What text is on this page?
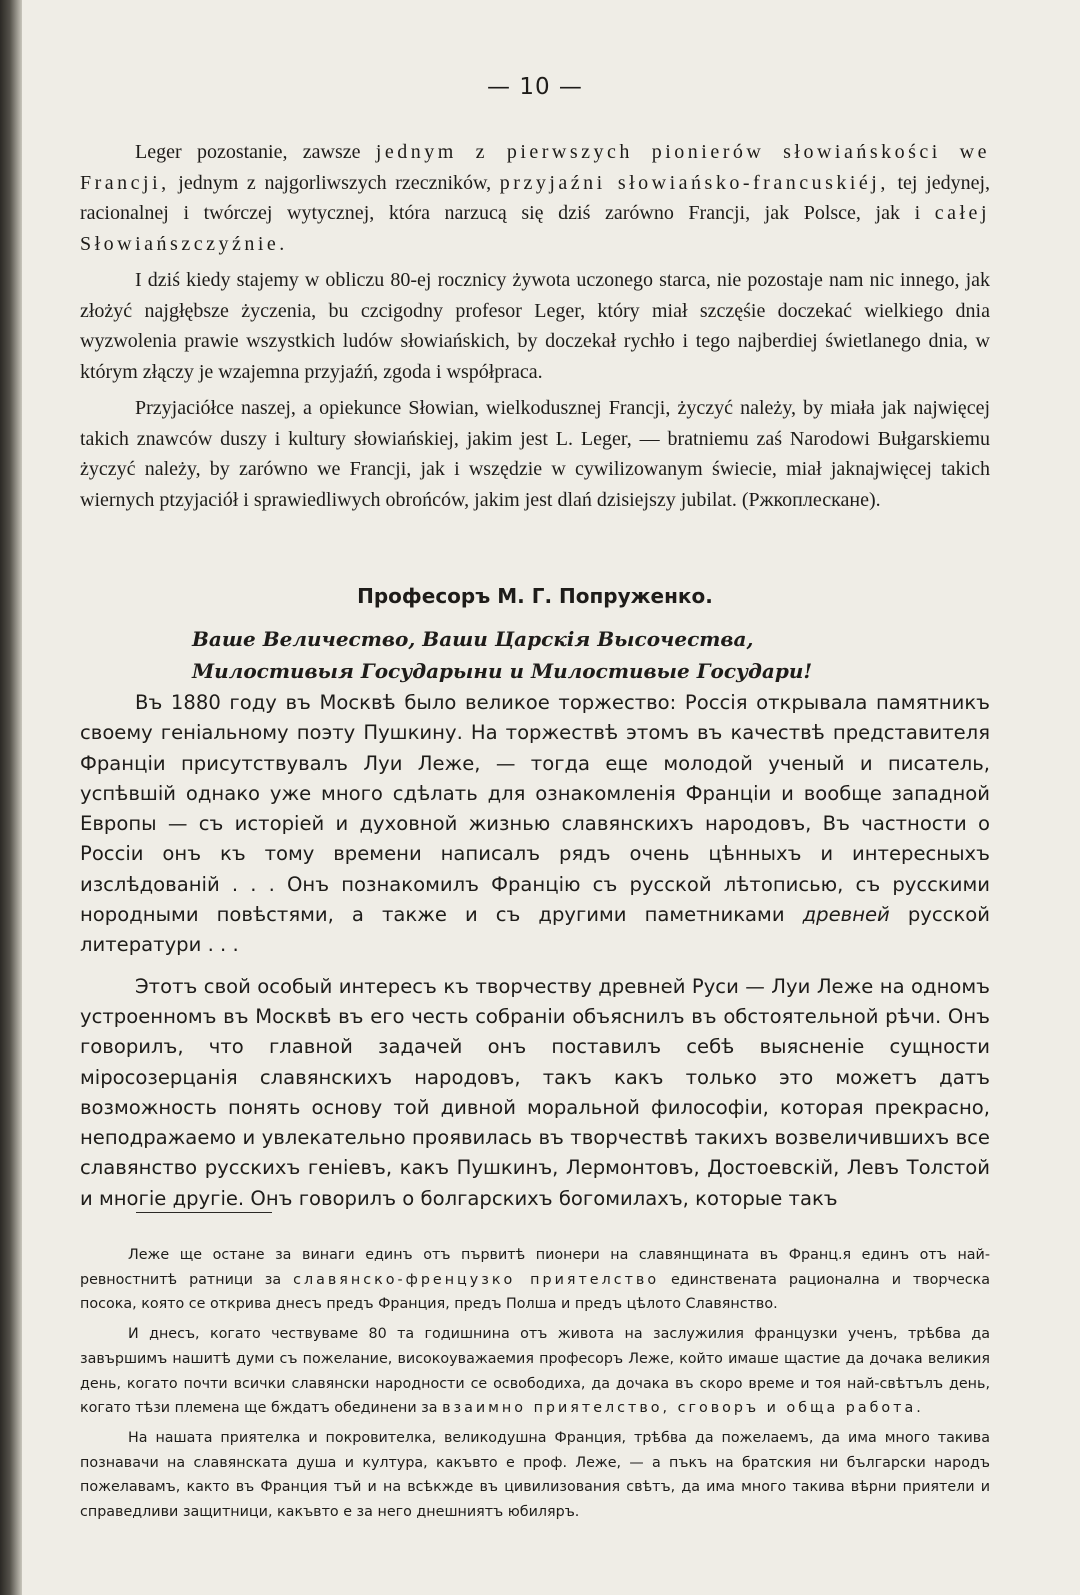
— 10 —

Leger pozostanie, zawsze jednym z pierwszych pionierów słowiańskości we Francji, jednym z najgorliwszych rzeczników, przyjaźni słowiańsko-francuskiéj, tej jedynej, racionalnej i twórczej wytycznej, która narzucą się dziś zarówno Francji, jak Polsce, jak i całej Słowiańszczyźnie.

I dziś kiedy stajemy w obliczu 80-ej rocznicy żywota uczonego starca, nie pozostaje nam nic innego, jak złożyć najgłębsze życzenia, bu czcigodny profesor Leger, który miał szczęśie doczekać wielkiego dnia wyzwolenia prawie wszystkich ludów słowiańskich, by doczekał rychło i tego najberdiej świetlanego dnia, w którym złączy je wzajemna przyjaźń, zgoda i współpraca.

Przyjaciółce naszej, a opiekunce Słowian, wielkodusznej Francji, życzyć należy, by miała jak najwięcej takich znawców duszy i kultury słowiańskiej, jakim jest L. Leger, — bratniemu zaś Narodowi Bułgarskiemu życzyć należy, by zarówno we Francji, jak i wszędzie w cywilizowanym świecie, miał jaknajwięcej takich wiernych ptzyjaciół i sprawiedliwych obrońców, jakim jest dlań dzisiejszy jubilat. (Ржкоплескане).

Професоръ М. Г. Попруженко.
Ваше Величество, Ваши Царскія Высочества,
Милостивыя Государыни и Милостивые Государи!

Въ 1880 году въ Москвѣ было великое торжество: Россія открывала памятникъ своему геніальному поэту Пушкину. На торжествѣ этомъ въ качествѣ представителя Франціи присутствувалъ Луи Леже, — тогда еще молодой ученый и писатель, успѣвшій однако уже много сдѣлать для ознакомленія Франціи и вообще западной Европы — съ исторіей и духовной жизнью славянскихъ народовъ, Въ частности о Россіи онъ къ тому времени написалъ рядъ очень цѣнныхъ и интересныхъ изслѣдованій . . . Онъ познакомилъ Францію съ русской лѣтописью, съ русскими нородными повѣстями, а также и съ другими паметниками древней русской литератури . . .

Этотъ свой особый интересъ къ творчеству древней Руси — Луи Леже на одномъ устроенномъ въ Москвѣ въ его честь собраніи объяснилъ въ обстоятельной рѣчи. Онъ говорилъ, что главной задачей онъ поставилъ себѣ выясненіе сущности міросозерцанія славянскихъ народовъ, такъ какъ только это можетъ датъ возможность понять основу той дивной моральной философіи, которая прекрасно, неподражаемо и увлекательно проявилась въ творчествѣ такихъ возвеличившихъ все славянство русскихъ геніевъ, какъ Пушкинъ, Лермонтовъ, Достоевскій, Левъ Толстой и многіе другіе. Онъ говорилъ о болгарскихъ богомилахъ, которые такъ

Леже ще остане за винаги единъ отъ първитѣ пионери на славянщината въ Франц.я единъ отъ най-ревностнитѣ ратници за славянско-френцузко приятелство единствената рационална и творческа посока, която се открива днесъ предъ Франция, предъ Полша и предъ цѣлото Славянство.

И днесъ, когато чествуваме 80 та годишнина отъ живота на заслужилия французки ученъ, трѣбва да завършимъ нашитѣ думи съ пожелание, високоуважаемия професоръ Леже, който имаше щастие да дочака великия день, когато почти всички славянски народности се освободиха, да дочака въ скоро време и тоя най-свѣтълъ день, когато тѣзи племена ще бждатъ обединени за взаимно приятелство, сговоръ и обща работа.

На нашата приятелка и покровителка, великодушна Франция, трѣбва да пожелаемъ, да има много такива познавачи на славянската душа и култура, какъвто е проф. Леже, — а пъкъ на братския ни български народъ пожелавамъ, както въ Франция тъй и на всѣкжде въ цивилизования свѣтъ, да има много такива вѣрни приятели и справедливи защитници, какъвто е за него днешниятъ юбиляръ.
